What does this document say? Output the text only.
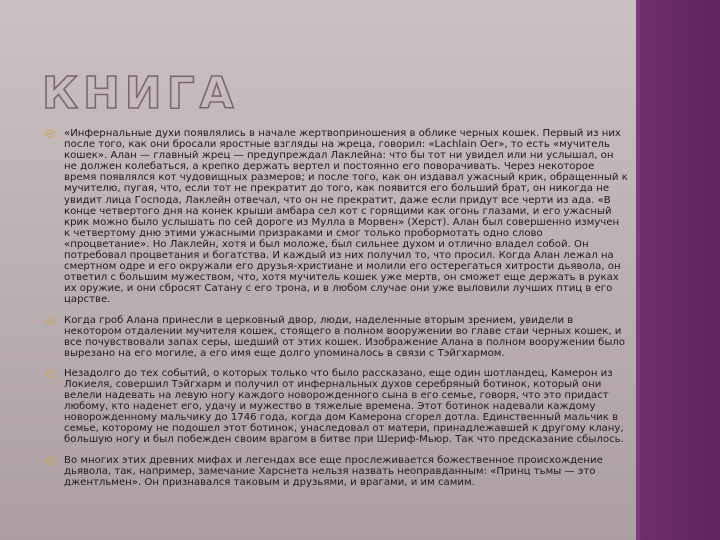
КНИГА
«Инфернальные духи появлялись в начале жертвоприношения в облике черных кошек. Первый из них после того, как они бросали яростные взгляды на жреца, говорил: «Lachlain Oer», то есть «мучитель кошек». Алан — главный жрец — предупреждал Лаклейна: что бы тот ни увидел или ни услышал, он не должен колебаться, а крепко держать вертел и постоянно его поворачивать. Через некоторое время появлялся кот чудовищных размеров; и после того, как он издавал ужасный крик, обращенный к мучителю, пугая, что, если тот не прекратит до того, как появится его больший брат, он никогда не увидит лица Господа, Лаклейн отвечал, что он не прекратит, даже если придут все черти из ада. «В конце четвертого дня на конек крыши амбара сел кот с горящими как огонь глазами, и его ужасный крик можно было услышать по сей дороге из Мулла в Морвен» (Херст). Алан был совершенно измучен к четвертому дню этими ужасными призраками и смог только пробормотать одно слово «процветание». Но Лаклейн, хотя и был моложе, был сильнее духом и отлично владел собой. Он потребовал процветания и богатства. И каждый из них получил то, что просил. Когда Алан лежал на смертном одре и его окружали его друзья-христиане и молили его остерегаться хитрости дьявола, он ответил с большим мужеством, что, хотя мучитель кошек уже мертв, он сможет еще держать в руках их оружие, и они сбросят Сатану с его трона, и в любом случае они уже выловили лучших птиц в его царстве.
Когда гроб Алана принесли в церковный двор, люди, наделенные вторым зрением, увидели в некотором отдалении мучителя кошек, стоящего в полном вооружении во главе стаи черных кошек, и все почувствовали запах серы, шедший от этих кошек. Изображение Алана в полном вооружении было вырезано на его могиле, а его имя еще долго упоминалось в связи с Тэйгхармом.
Незадолго до тех событий, о которых только что было рассказано, еще один шотландец, Камерон из Локиеля, совершил Тэйгхарм и получил от инфернальных духов серебряный ботинок, который они велели надевать на левую ногу каждого новорожденного сына в его семье, говоря, что это придаст любому, кто наденет его, удачу и мужество в тяжелые времена. Этот ботинок надевали каждому новорожденному мальчику до 1746 года, когда дом Камерона сгорел дотла. Единственный мальчик в семье, которому не подошел этот ботинок, унаследовал от матери, принадлежавшей к другому клану, большую ногу и был побежден своим врагом в битве при Шериф-Мьюр. Так что предсказание сбылось.
Во многих этих древних мифах и легендах все еще прослеживается божественное происхождение дьявола, так, например, замечание Харснета нельзя назвать неоправданным: «Принц тьмы — это джентльмен». Он признавался таковым и друзьями, и врагами, и им самим.
